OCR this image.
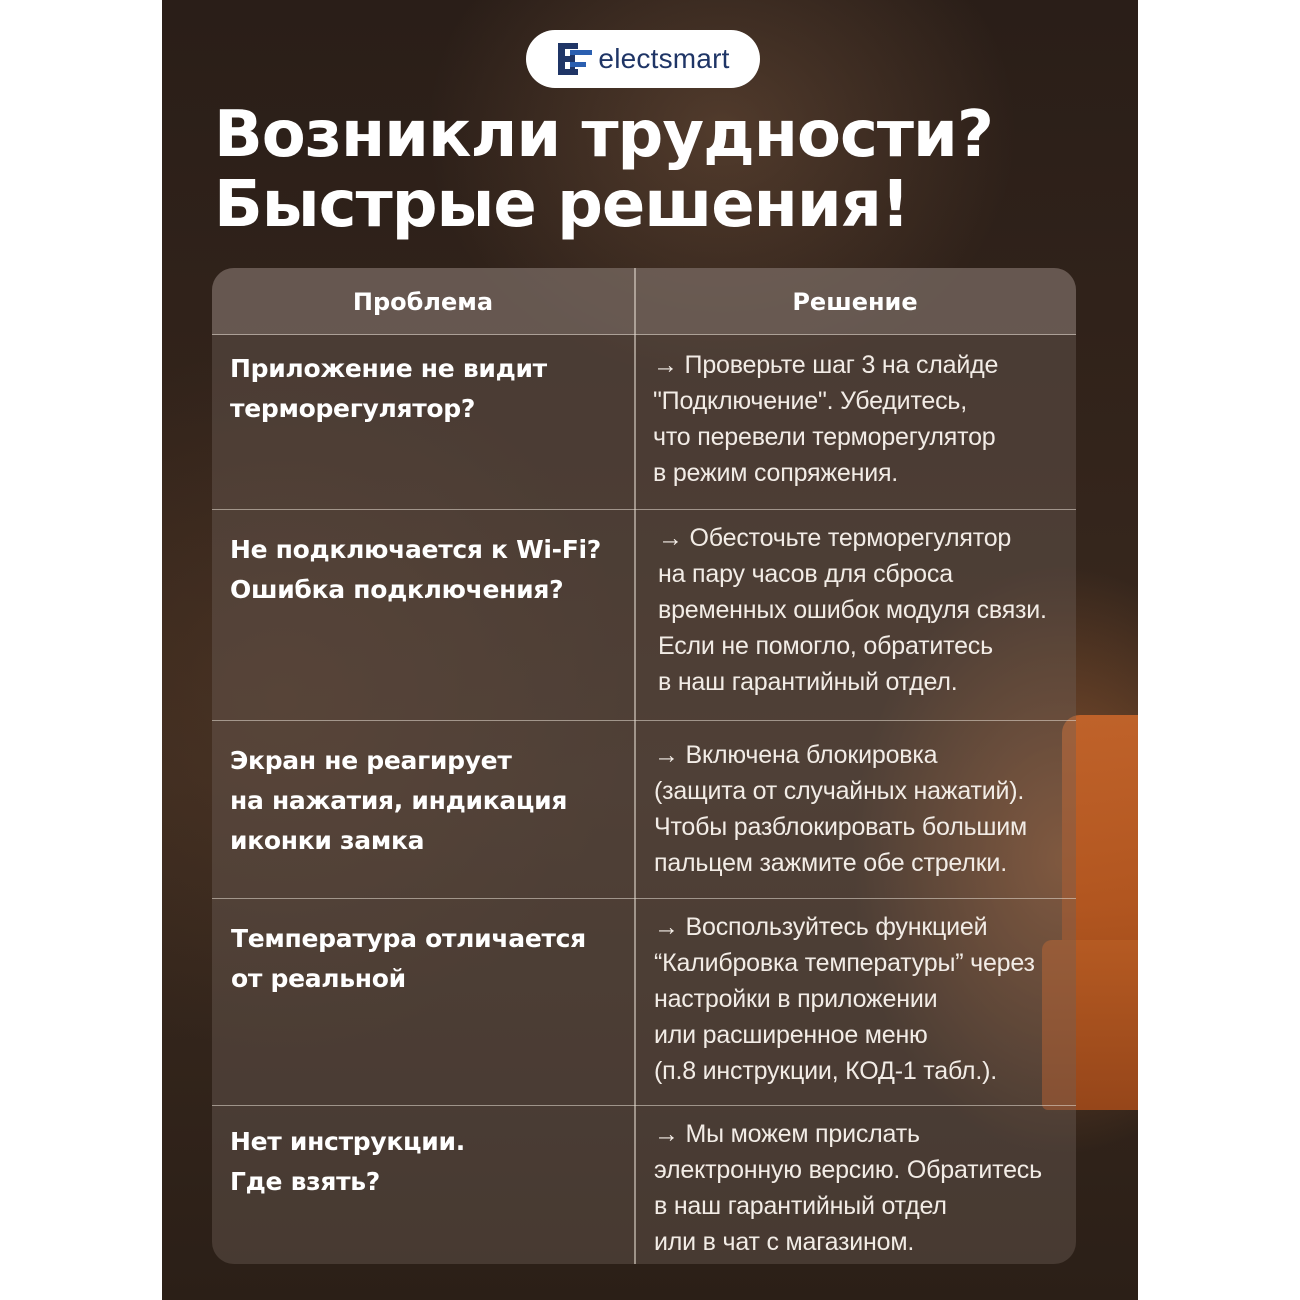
electsmart
Возникли трудности?
Быстрые решения!
Проблема	Решение
Приложение не видит
терморегулятор?
→ Проверьте шаг 3 на слайде
"Подключение". Убедитесь,
что перевели терморегулятор
в режим сопряжения.
Не подключается к Wi-Fi?
Ошибка подключения?
→ Обесточьте терморегулятор
на пару часов для сброса
временных ошибок модуля связи.
Если не помогло, обратитесь
в наш гарантийный отдел.
Экран не реагирует
на нажатия, индикация
иконки замка
→ Включена блокировка
(защита от случайных нажатий).
Чтобы разблокировать большим
пальцем зажмите обе стрелки.
Температура отличается
от реальной
→ Воспользуйтесь функцией
“Калибровка температуры” через
настройки в приложении
или расширенное меню
(п.8 инструкции, КОД-1 табл.).
Нет инструкции.
Где взять?
→ Мы можем прислать
электронную версию. Обратитесь
в наш гарантийный отдел
или в чат с магазином.
